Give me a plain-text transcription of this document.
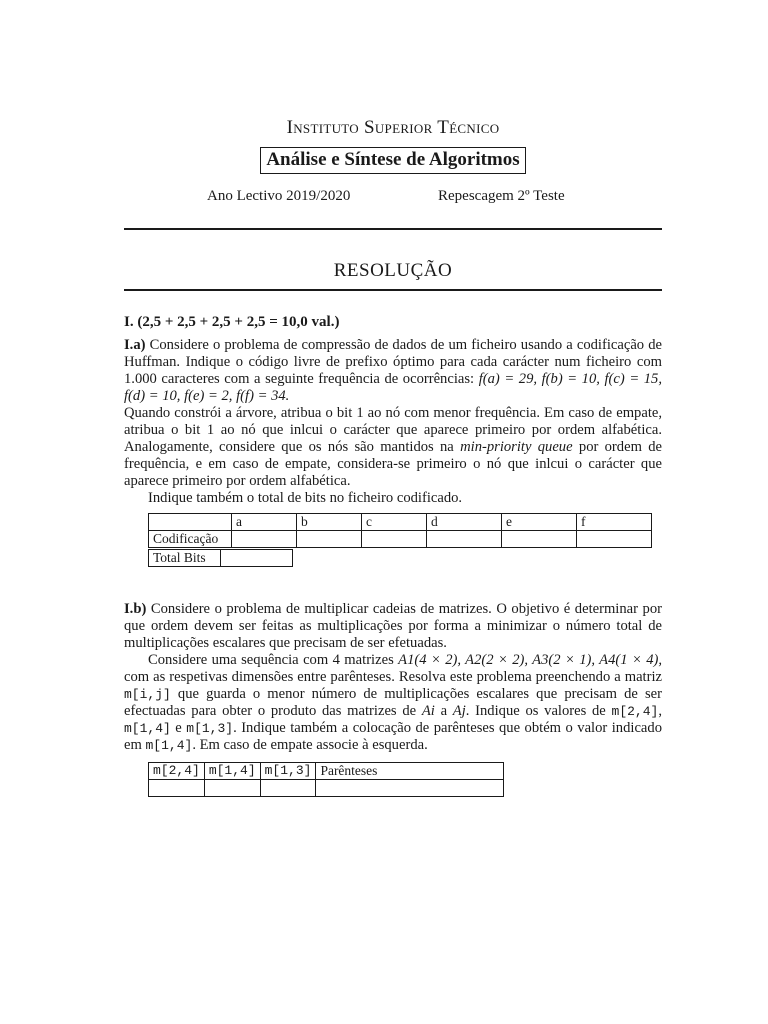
Instituto Superior Técnico
Análise e Síntese de Algoritmos
Ano Lectivo 2019/2020	Repescagem 2º Teste
RESOLUÇÃO
I. (2,5 + 2,5 + 2,5 + 2,5 = 10,0 val.)

I.a) Considere o problema de compressão de dados de um ficheiro usando a codificação de Huffman. Indique o código livre de prefixo óptimo para cada carácter num ficheiro com 1.000 caracteres com a seguinte frequência de ocorrências: f(a) = 29, f(b) = 10, f(c) = 15, f(d) = 10, f(e) = 2, f(f) = 34.

Quando constrói a árvore, atribua o bit 1 ao nó com menor frequência. Em caso de empate, atribua o bit 1 ao nó que inlcui o carácter que aparece primeiro por ordem alfabética. Analogamente, considere que os nós são mantidos na min-priority queue por ordem de frequência, e em caso de empate, considera-se primeiro o nó que inlcui o carácter que aparece primeiro por ordem alfabética.

Indique também o total de bits no ficheiro codificado.

	a	b	c	d	e	f
Codificação						
Total Bits	

I.b) Considere o problema de multiplicar cadeias de matrizes. O objetivo é determinar por que ordem devem ser feitas as multiplicações por forma a minimizar o número total de multiplicações escalares que precisam de ser efetuadas.

Considere uma sequência com 4 matrizes A1(4 × 2), A2(2 × 2), A3(2 × 1), A4(1 × 4), com as respetivas dimensões entre parênteses. Resolva este problema preenchendo a matriz m[i,j] que guarda o menor número de multiplicações escalares que precisam de ser efectuadas para obter o produto das matrizes de Ai a Aj. Indique os valores de m[2,4], m[1,4] e m[1,3]. Indique também a colocação de parênteses que obtém o valor indicado em m[1,4]. Em caso de empate associe à esquerda.

m[2,4]	m[1,4]	m[1,3]	Parênteses
